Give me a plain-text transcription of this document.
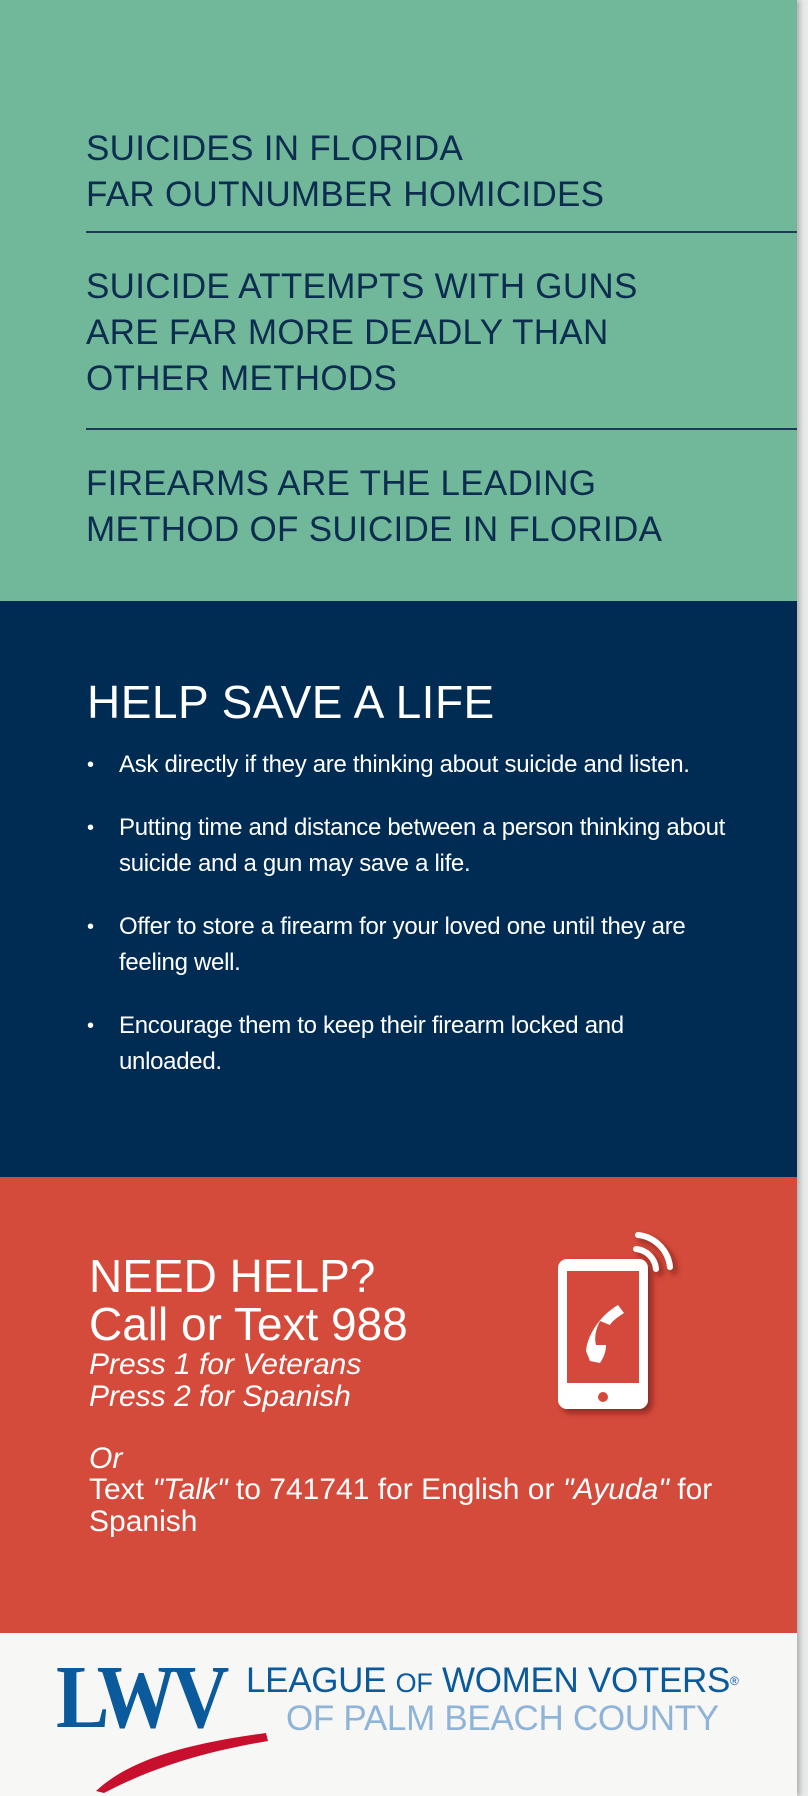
SUICIDES IN FLORIDA
FAR OUTNUMBER HOMICIDES
SUICIDE ATTEMPTS WITH GUNS
ARE FAR MORE DEADLY THAN
OTHER METHODS
FIREARMS ARE THE LEADING
METHOD OF SUICIDE IN FLORIDA
HELP SAVE A LIFE
• Ask directly if they are thinking about suicide and listen.
• Putting time and distance between a person thinking about suicide and a gun may save a life.
• Offer to store a firearm for your loved one until they are feeling well.
• Encourage them to keep their firearm locked and unloaded.
NEED HELP?
Call or Text 988
Press 1 for Veterans
Press 2 for Spanish
Or
Text "Talk" to 741741 for English or "Ayuda" for Spanish
LWV LEAGUE OF WOMEN VOTERS®
OF PALM BEACH COUNTY
